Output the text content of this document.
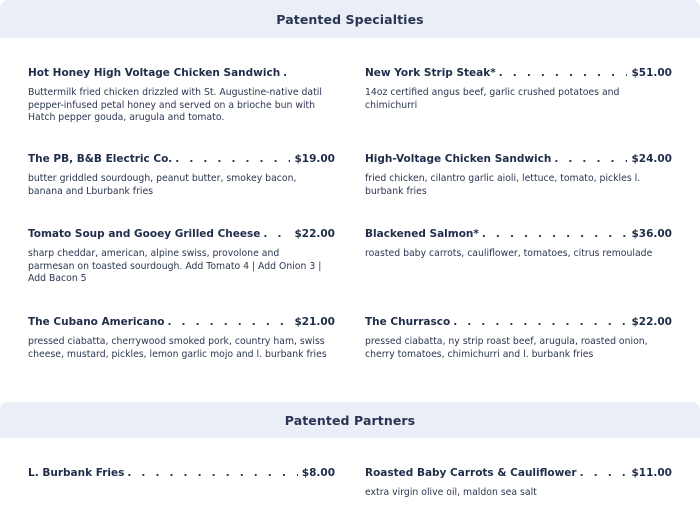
Patented Specialties
Hot Honey High Voltage Chicken Sandwich
. . .
Buttermilk fried chicken drizzled with St. Augustine-native datil pepper-infused petal honey and served on a brioche bun with Hatch pepper gouda, arugula and tomato.
New York Strip Steak* . . .	$51.00
14oz certified angus beef, garlic crushed potatoes and chimichurri
The PB, B&B Electric Co. . . .	$19.00
butter griddled sourdough, peanut butter, smokey bacon, banana and Lburbank fries
High-Voltage Chicken Sandwich . . .	$24.00
fried chicken, cilantro garlic aioli, lettuce, tomato, pickles l. burbank fries
Tomato Soup and Gooey Grilled Cheese . . .	$22.00
sharp cheddar, american, alpine swiss, provolone and parmesan on toasted sourdough. Add Tomato 4 | Add Onion 3 | Add Bacon 5
Blackened Salmon* . . .	$36.00
roasted baby carrots, cauliflower, tomatoes, citrus remoulade
The Cubano Americano . . .	$21.00
pressed ciabatta, cherrywood smoked pork, country ham, swiss cheese, mustard, pickles, lemon garlic mojo and l. burbank fries
The Churrasco . . .	$22.00
pressed ciabatta, ny strip roast beef, arugula, roasted onion, cherry tomatoes, chimichurri and l. burbank fries
Patented Partners
L. Burbank Fries . . .	$8.00	Roasted Baby Carrots & Cauliflower . . .	$11.00
extra virgin olive oil, maldon sea salt
